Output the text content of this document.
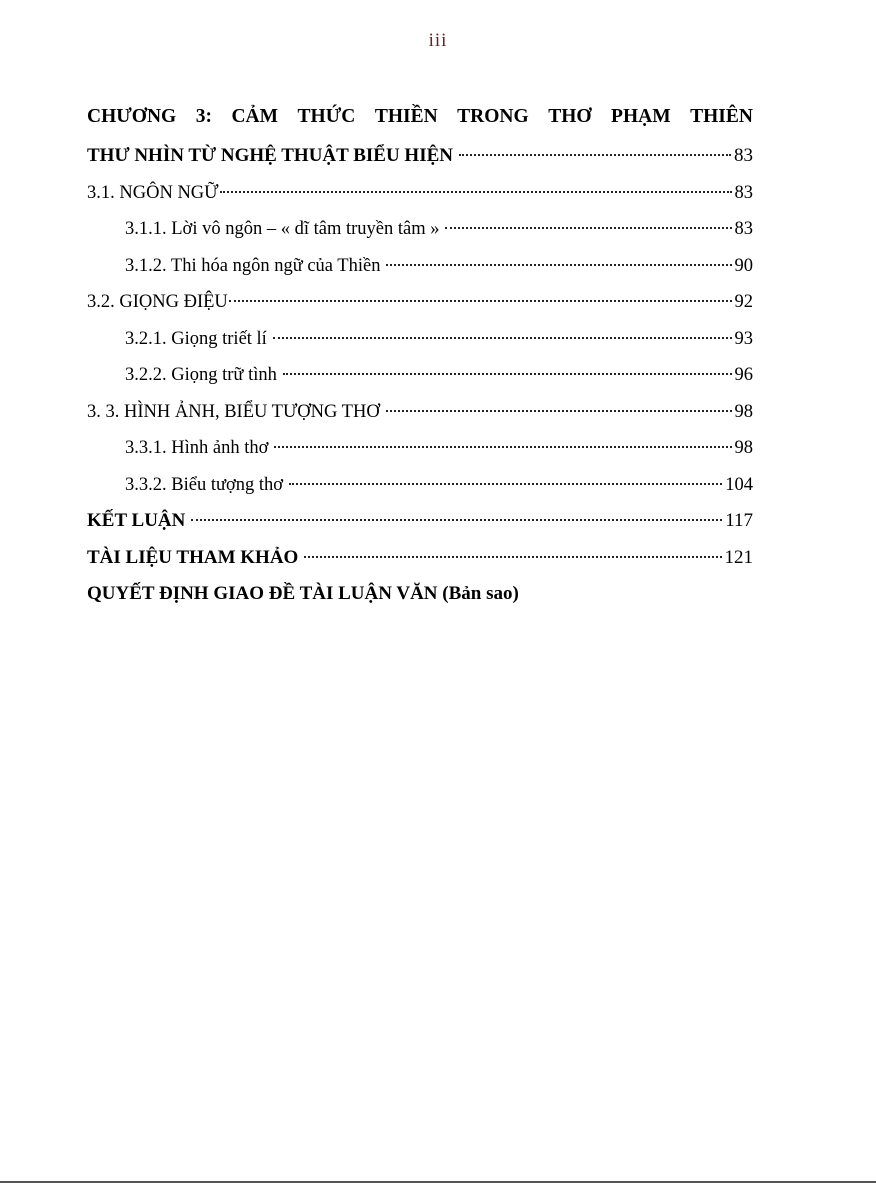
iii
CHƯƠNG 3: CẢM THỨC THIỀN TRONG THƠ PHẠM THIÊN
THƯ NHÌN TỪ NGHỆ THUẬT BIỂU HIỆN	83
3.1. NGÔN NGỮ	83
3.1.1. Lời vô ngôn – « dĩ tâm truyền tâm »	83
3.1.2. Thi hóa ngôn ngữ của Thiền	90
3.2. GIỌNG ĐIỆU	92
3.2.1. Giọng triết lí	93
3.2.2. Giọng trữ tình	96
3. 3. HÌNH ẢNH, BIỂU TƯỢNG THƠ	98
3.3.1. Hình ảnh thơ	98
3.3.2. Biểu tượng thơ	104
KẾT LUẬN	117
TÀI LIỆU THAM KHẢO	121
QUYẾT ĐỊNH GIAO ĐỀ TÀI LUẬN VĂN (Bản sao)
